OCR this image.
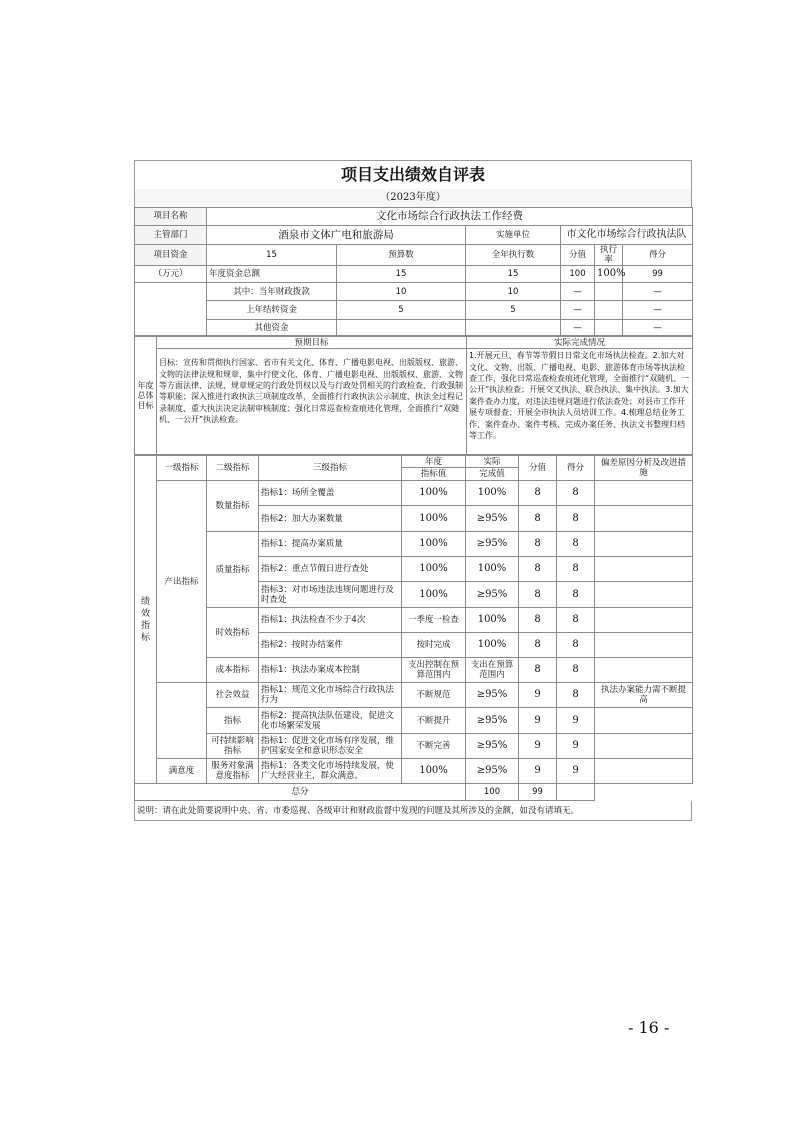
项目支出绩效自评表
（2023年度）
项目名称	文化市场综合行政执法工作经费					
主管部门	酒泉市文体广电和旅游局		实施单位	市文化市场综合行政执法队		
项目资金	15	预算数	全年执行数	分值	执行率	得分
（万元）	年度资金总额	15	15	100	100%	99
	其中：当年财政拨款	10	10	—		—
	上年结转资金	5	5	—		—
	其他资金			—		—
年度总体目标	预期目标	实际完成情况
	目标：宣传和贯彻执行国家、省市有关文化、体育、广播电影电视、出版版权、旅游、文物的法律法规和规章，集中行使文化、体育、广播电影电视、出版版权、旅游、文物等方面法律、法规、规章规定的行政处罚权以及与行政处罚相关的行政检查、行政强制等职能；深入推进行政执法三项制度改革，全面推行行政执法公示制度、执法全过程记录制度、重大执法决定法制审核制度；强化日常巡查检查痕迹化管理，全面推行“双随机、一公开”执法检查。	1.开展元旦、春节等节假日日常文化市场执法检查。2.加大对文化、文物、出版、广播电视、电影、旅游体育市场等执法检查工作，强化日常巡查检查痕迹化管理，全面推行“双随机、一公开”执法检查；开展交叉执法、联合执法、集中执法。3.加大案件查办力度，对违法违规问题进行依法查处；对县市工作开展专项督查；开展全市执法人员培训工作。4.梳理总结业务工作、案件查办、案件考核、完成办案任务、执法文书整理归档等工作。
绩效指标	一级指标	二级指标	三级指标	年度	实际	分值	得分	偏差原因分析及改进措施
				指标值	完成值			
	产出指标	数量指标	指标1：场所全覆盖	100%	100%	8	8	
			指标2：加大办案数量	100%	≥95%	8	8	
		质量指标	指标1：提高办案质量	100%	≥95%	8	8	
			指标2：重点节假日进行查处	100%	100%	8	8	
			指标3：对市场违法违规问题进行及时查处	100%	≥95%	8	8	
		时效指标	指标1：执法检查不少于4次	一季度一检查	100%	8	8	
			指标2：按时办结案件	按时完成	100%	8	8	
		成本指标	指标1：执法办案成本控制	支出控制在预算范围内	支出在预算范围内	8	8	
		社会效益	指标1：规范文化市场综合行政执法行为	不断规范	≥95%	9	8	执法办案能力需不断提高
		指标	指标2：提高执法队伍建设，促进文化市场繁荣发展	不断提升	≥95%	9	9	
		可持续影响指标	指标1：促进文化市场有序发展，维护国家安全和意识形态安全	不断完善	≥95%	9	9	
	满意度	服务对象满意度指标	指标1：各类文化市场持续发展，使广大经营业主，群众满意。	100%	≥95%	9	9	
总分					100	99		
说明：请在此处简要说明中央、省、市委巡视、各级审计和财政监督中发现的问题及其所涉及的金额，如没有请填无。
- 16 -
